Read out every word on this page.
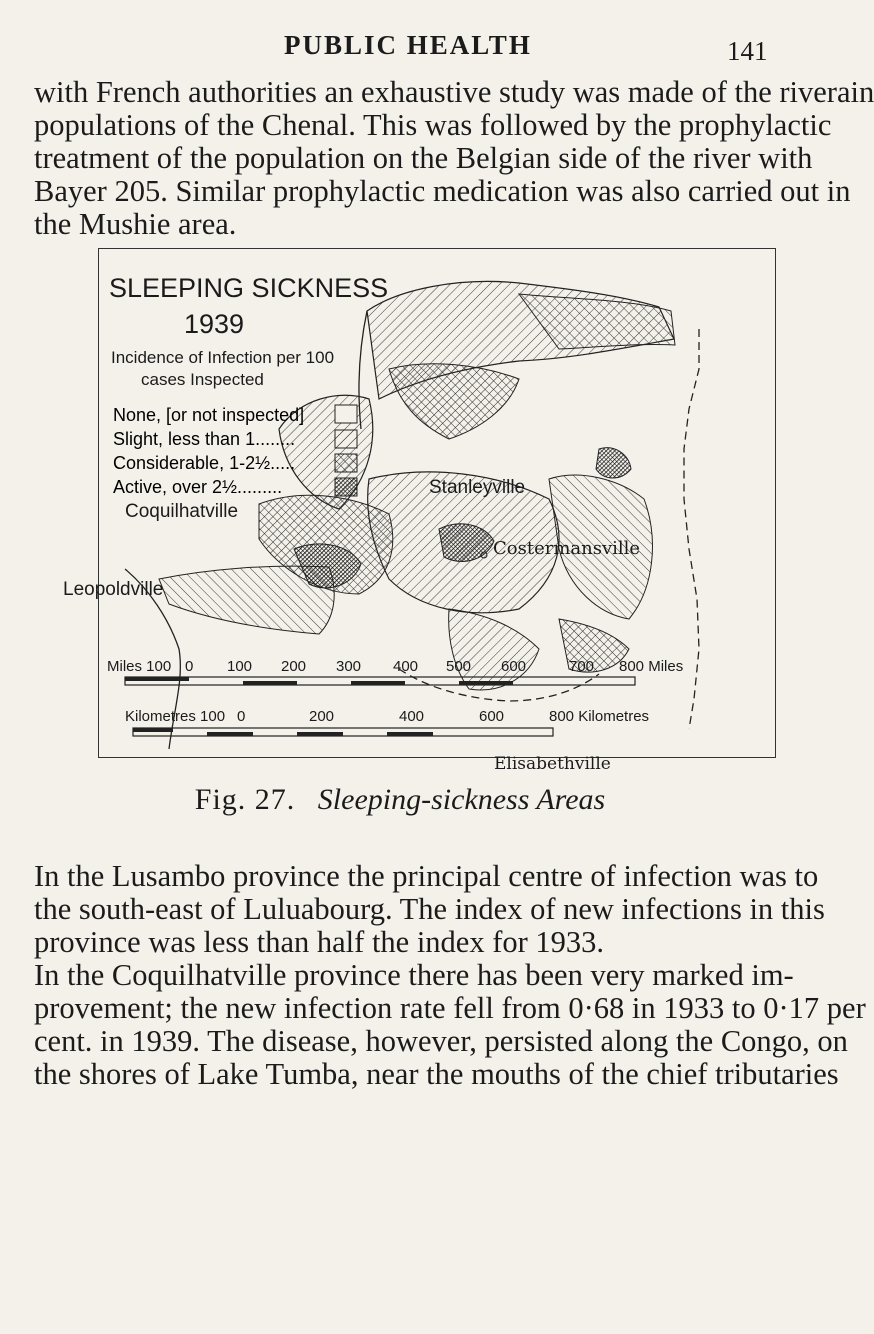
PUBLIC HEALTH	141
with French authorities an exhaustive study was made of the riverain
populations of the Chenal. This was followed by the prophylactic
treatment of the population on the Belgian side of the river with
Bayer 205. Similar prophylactic medication was also carried out in
the Mushie area.
SLEEPING SICKNESS
1939
Incidence of Infection per 100
cases Inspected
None, [or not inspected]
Slight, less than 1........
Considerable, 1-2½.....
Active, over 2½.........	Stanleyville
Coquilhatville
Costermansville
Leopoldville
Elisabethville
Miles 100 0 100 200 300 400 500 600	700 800 Miles
Kilometres 100 0	200	400	600	800 Kilometres
Fig. 27. Sleeping-sickness Areas
In the Lusambo province the principal centre of infection was to
the south-east of Luluabourg. The index of new infections in this
province was less than half the index for 1933.
In the Coquilhatville province there has been very marked im-
provement; the new infection rate fell from 0·68 in 1933 to 0·17 per
cent. in 1939. The disease, however, persisted along the Congo, on
the shores of Lake Tumba, near the mouths of the chief tributaries
